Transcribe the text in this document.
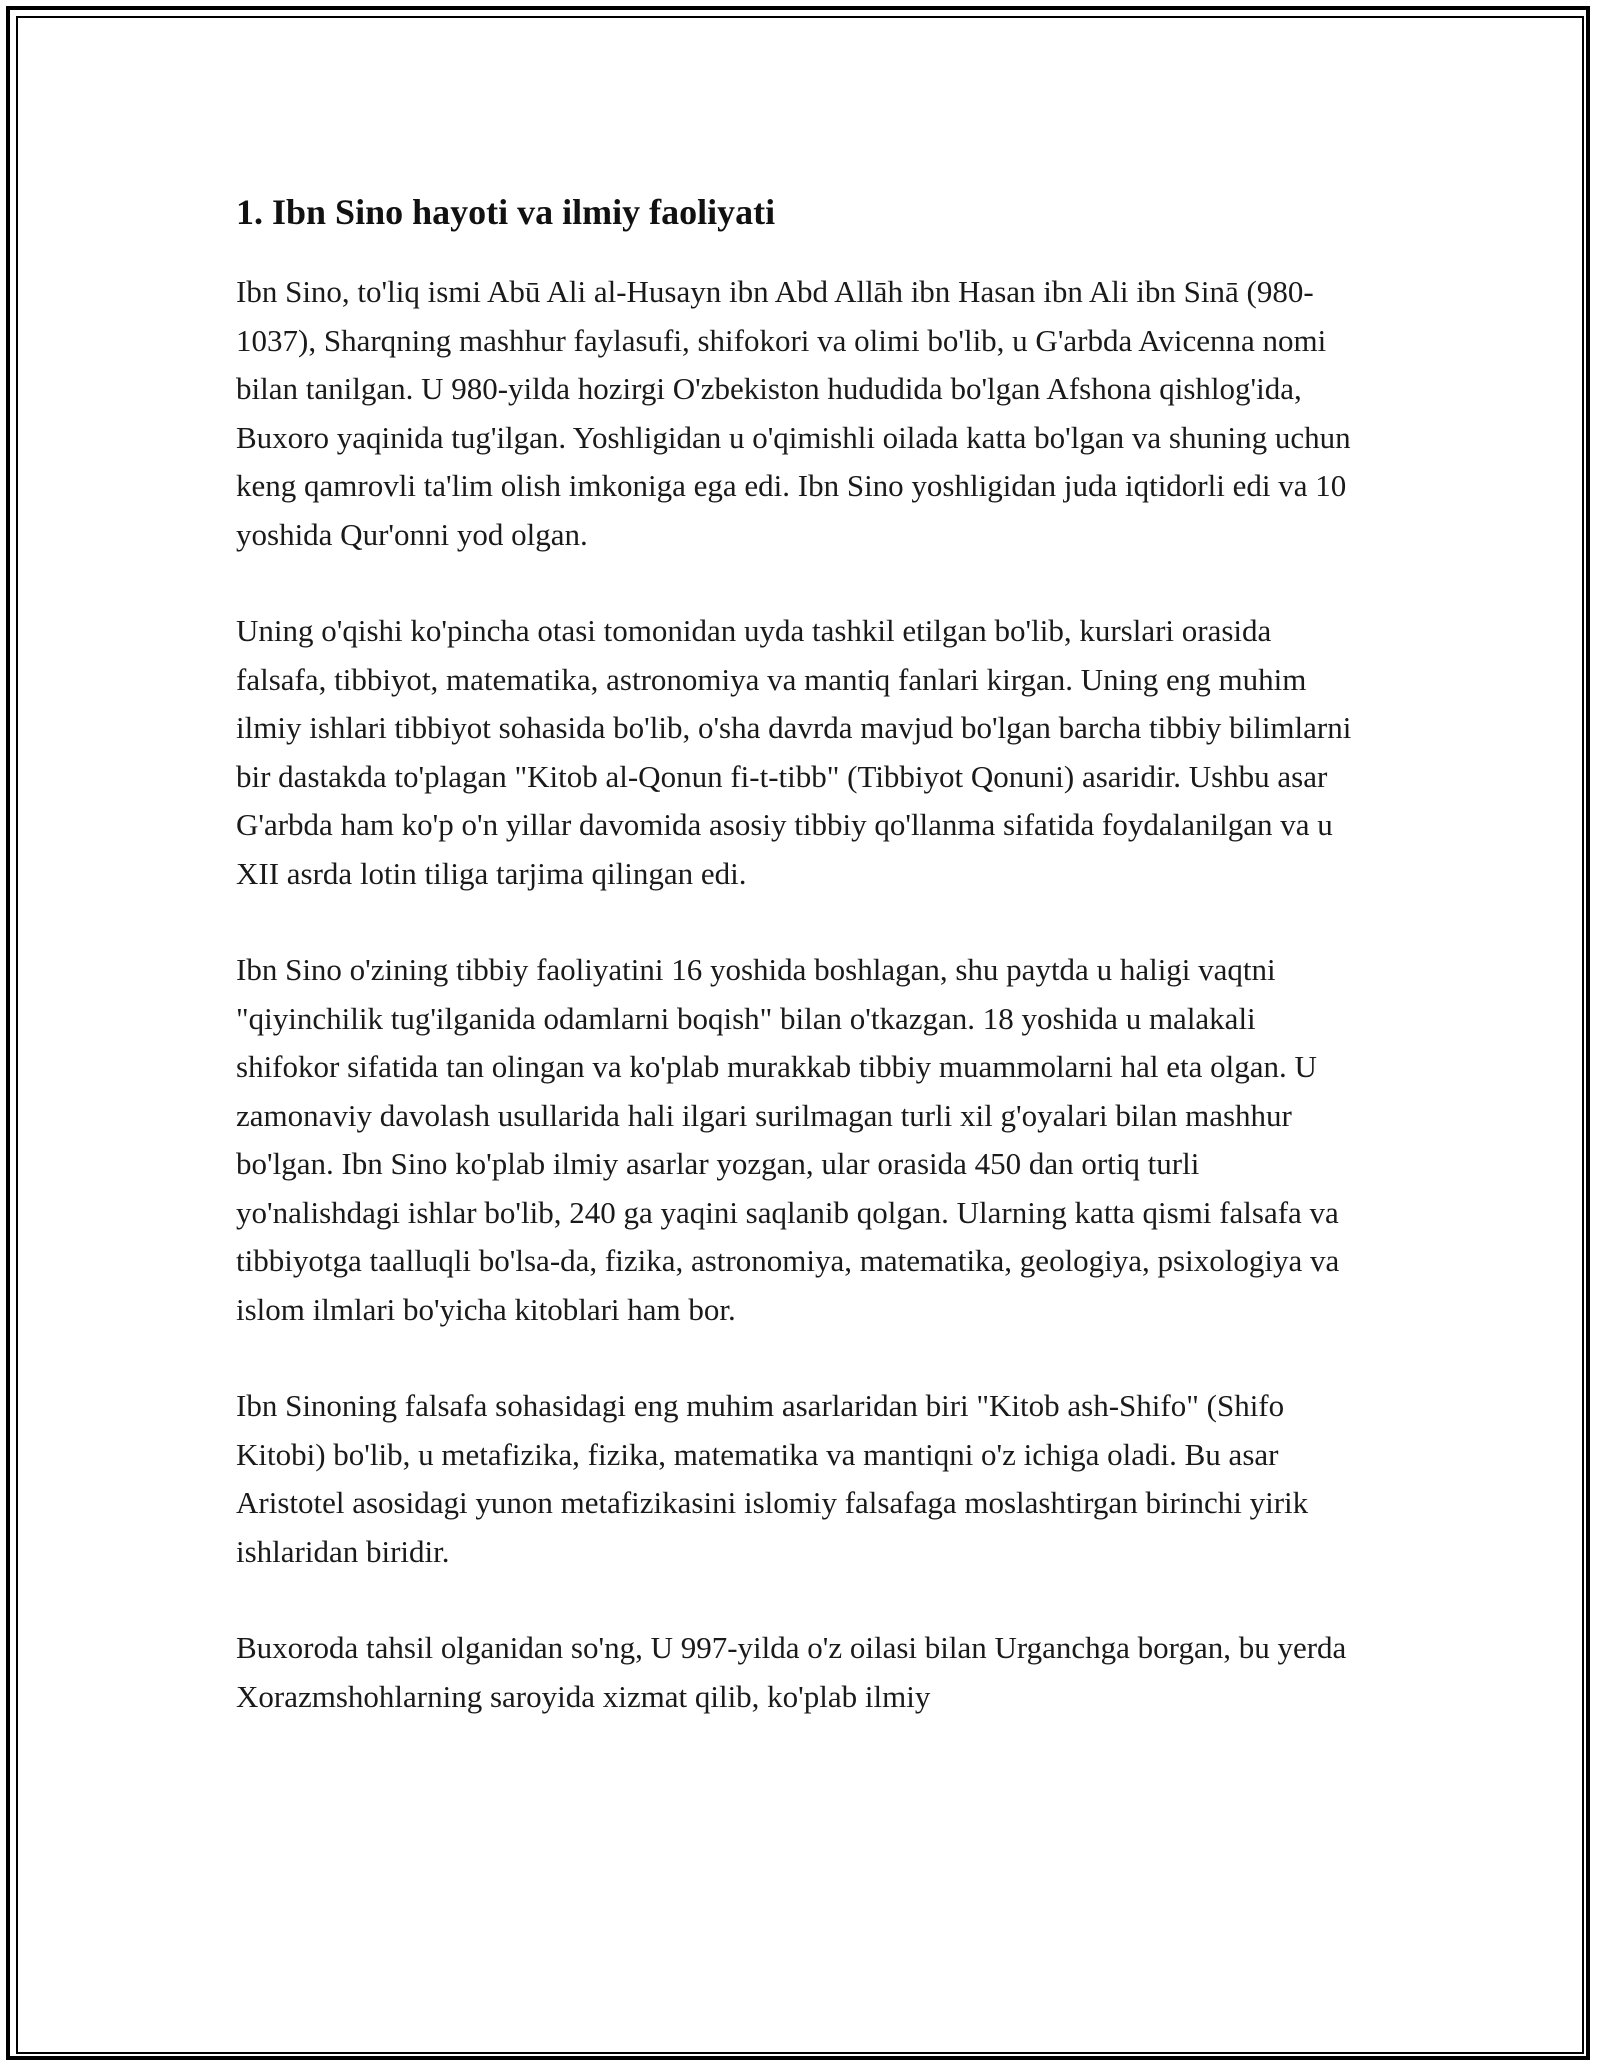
1. Ibn Sino hayoti va ilmiy faoliyati

Ibn Sino, to'liq ismi Abū Ali al-Husayn ibn Abd Allāh ibn Hasan ibn Ali ibn Sinā (980-1037), Sharqning mashhur faylasufi, shifokori va olimi bo'lib, u G'arbda Avicenna nomi bilan tanilgan. U 980-yilda hozirgi O'zbekiston hududida bo'lgan Afshona qishlog'ida, Buxoro yaqinida tug'ilgan. Yoshligidan u o'qimishli oilada katta bo'lgan va shuning uchun keng qamrovli ta'lim olish imkoniga ega edi. Ibn Sino yoshligidan juda iqtidorli edi va 10 yoshida Qur'onni yod olgan.

Uning o'qishi ko'pincha otasi tomonidan uyda tashkil etilgan bo'lib, kurslari orasida falsafa, tibbiyot, matematika, astronomiya va mantiq fanlari kirgan. Uning eng muhim ilmiy ishlari tibbiyot sohasida bo'lib, o'sha davrda mavjud bo'lgan barcha tibbiy bilimlarni bir dastakda to'plagan "Kitob al-Qonun fi-t-tibb" (Tibbiyot Qonuni) asaridir. Ushbu asar G'arbda ham ko'p o'n yillar davomida asosiy tibbiy qo'llanma sifatida foydalanilgan va u XII asrda lotin tiliga tarjima qilingan edi.

Ibn Sino o'zining tibbiy faoliyatini 16 yoshida boshlagan, shu paytda u haligi vaqtni "qiyinchilik tug'ilganida odamlarni boqish" bilan o'tkazgan. 18 yoshida u malakali shifokor sifatida tan olingan va ko'plab murakkab tibbiy muammolarni hal eta olgan. U zamonaviy davolash usullarida hali ilgari surilmagan turli xil g'oyalari bilan mashhur bo'lgan. Ibn Sino ko'plab ilmiy asarlar yozgan, ular orasida 450 dan ortiq turli yo'nalishdagi ishlar bo'lib, 240 ga yaqini saqlanib qolgan. Ularning katta qismi falsafa va tibbiyotga taalluqli bo'lsa-da, fizika, astronomiya, matematika, geologiya, psixologiya va islom ilmlari bo'yicha kitoblari ham bor.

Ibn Sinoning falsafa sohasidagi eng muhim asarlaridan biri "Kitob ash-Shifo" (Shifo Kitobi) bo'lib, u metafizika, fizika, matematika va mantiqni o'z ichiga oladi. Bu asar Aristotel asosidagi yunon metafizikasini islomiy falsafaga moslashtirgan birinchi yirik ishlaridan biridir.

Buxoroda tahsil olganidan so'ng, U 997-yilda o'z oilasi bilan Urganchga borgan, bu yerda Xorazmshohlarning saroyida xizmat qilib, ko'plab ilmiy
